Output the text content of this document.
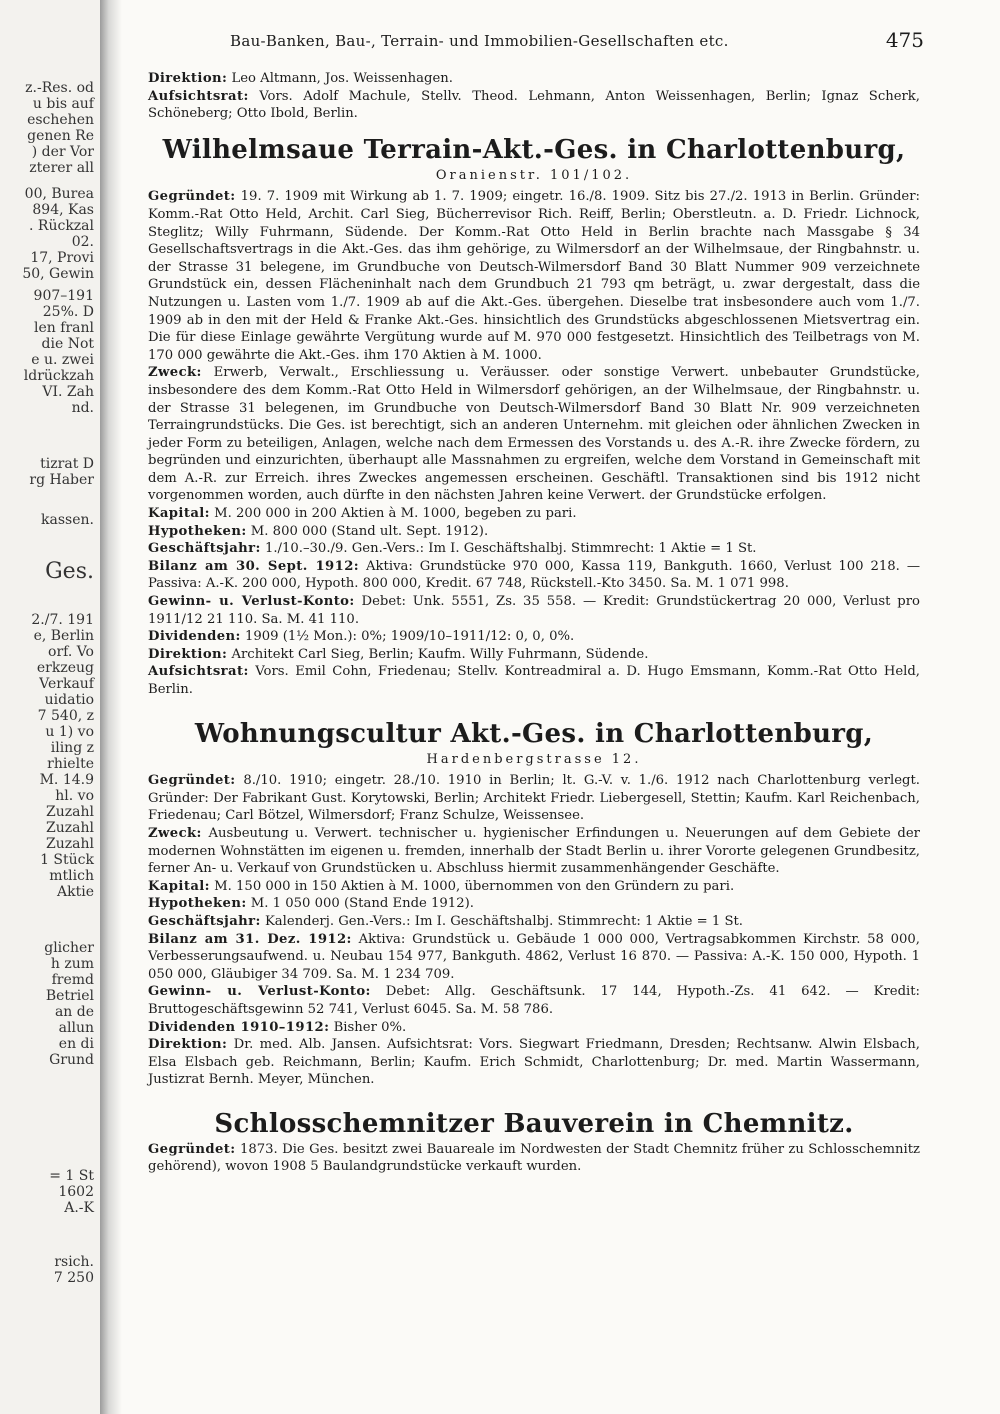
z.-Res. od
u bis auf
eschehen
genen Re
) der Vor
zterer all
00, Burea
894, Kas
. Rückzal
02.
17, Provi
50, Gewin
907–191
25%. D
len franl
die Not
e u. zwei
ldrückzah
VI. Zah
nd.
tizrat D
rg Haber
kassen.
Ges.
2./7. 191
e, Berlin
orf. Vo
erkzeug
Verkauf
uidatio
7 540, z
u 1) vo
iling z
rhielte
M. 14.9
hl. vo
Zuzahl
Zuzahl
Zuzahl
1 Stück
mtlich
Aktie
glicher
h zum
fremd
Betriel
an de
allun
en di
Grund
= 1 St
1602
A.-K
rsich.
7 250
Bau-Banken, Bau-, Terrain- und Immobilien-Gesellschaften etc.	475

Direktion: Leo Altmann, Jos. Weissenhagen.

Aufsichtsrat: Vors. Adolf Machule, Stellv. Theod. Lehmann, Anton Weissenhagen, Berlin; Ignaz Scherk, Schöneberg; Otto Ibold, Berlin.

Wilhelmsaue Terrain-Akt.-Ges. in Charlottenburg,
Oranienstr. 101/102.

Gegründet: 19. 7. 1909 mit Wirkung ab 1. 7. 1909; eingetr. 16./8. 1909. Sitz bis 27./2. 1913 in Berlin. Gründer: Komm.-Rat Otto Held, Archit. Carl Sieg, Bücherrevisor Rich. Reiff, Berlin; Oberstleutn. a. D. Friedr. Lichnock, Steglitz; Willy Fuhrmann, Südende. Der Komm.-Rat Otto Held in Berlin brachte nach Massgabe § 34 Gesellschaftsvertrags in die Akt.-Ges. das ihm gehörige, zu Wilmersdorf an der Wilhelmsaue, der Ringbahnstr. u. der Strasse 31 belegene, im Grundbuche von Deutsch-Wilmersdorf Band 30 Blatt Nummer 909 verzeichnete Grundstück ein, dessen Flächeninhalt nach dem Grundbuch 21 793 qm beträgt, u. zwar dergestalt, dass die Nutzungen u. Lasten vom 1./7. 1909 ab auf die Akt.-Ges. übergehen. Dieselbe trat insbesondere auch vom 1./7. 1909 ab in den mit der Held & Franke Akt.-Ges. hinsichtlich des Grundstücks abgeschlossenen Mietsvertrag ein. Die für diese Einlage gewährte Vergütung wurde auf M. 970 000 festgesetzt. Hinsichtlich des Teilbetrags von M. 170 000 gewährte die Akt.-Ges. ihm 170 Aktien à M. 1000.

Zweck: Erwerb, Verwalt., Erschliessung u. Veräusser. oder sonstige Verwert. unbebauter Grundstücke, insbesondere des dem Komm.-Rat Otto Held in Wilmersdorf gehörigen, an der Wilhelmsaue, der Ringbahnstr. u. der Strasse 31 belegenen, im Grundbuche von Deutsch-Wilmersdorf Band 30 Blatt Nr. 909 verzeichneten Terraingrundstücks. Die Ges. ist berechtigt, sich an anderen Unternehm. mit gleichen oder ähnlichen Zwecken in jeder Form zu beteiligen, Anlagen, welche nach dem Ermessen des Vorstands u. des A.-R. ihre Zwecke fördern, zu begründen und einzurichten, überhaupt alle Massnahmen zu ergreifen, welche dem Vorstand in Gemeinschaft mit dem A.-R. zur Erreich. ihres Zweckes angemessen erscheinen. Geschäftl. Transaktionen sind bis 1912 nicht vorgenommen worden, auch dürfte in den nächsten Jahren keine Verwert. der Grundstücke erfolgen.

Kapital: M. 200 000 in 200 Aktien à M. 1000, begeben zu pari.

Hypotheken: M. 800 000 (Stand ult. Sept. 1912).

Geschäftsjahr: 1./10.–30./9. Gen.-Vers.: Im I. Geschäftshalbj. Stimmrecht: 1 Aktie = 1 St.

Bilanz am 30. Sept. 1912: Aktiva: Grundstücke 970 000, Kassa 119, Bankguth. 1660, Verlust 100 218. — Passiva: A.-K. 200 000, Hypoth. 800 000, Kredit. 67 748, Rückstell.-Kto 3450. Sa. M. 1 071 998.

Gewinn- u. Verlust-Konto: Debet: Unk. 5551, Zs. 35 558. — Kredit: Grundstückertrag 20 000, Verlust pro 1911/12 21 110. Sa. M. 41 110.

Dividenden: 1909 (1½ Mon.): 0%; 1909/10–1911/12: 0, 0, 0%.

Direktion: Architekt Carl Sieg, Berlin; Kaufm. Willy Fuhrmann, Südende.

Aufsichtsrat: Vors. Emil Cohn, Friedenau; Stellv. Kontreadmiral a. D. Hugo Emsmann, Komm.-Rat Otto Held, Berlin.

Wohnungscultur Akt.-Ges. in Charlottenburg,
Hardenbergstrasse 12.

Gegründet: 8./10. 1910; eingetr. 28./10. 1910 in Berlin; lt. G.-V. v. 1./6. 1912 nach Charlottenburg verlegt. Gründer: Der Fabrikant Gust. Korytowski, Berlin; Architekt Friedr. Liebergesell, Stettin; Kaufm. Karl Reichenbach, Friedenau; Carl Bötzel, Wilmersdorf; Franz Schulze, Weissensee.

Zweck: Ausbeutung u. Verwert. technischer u. hygienischer Erfindungen u. Neuerungen auf dem Gebiete der modernen Wohnstätten im eigenen u. fremden, innerhalb der Stadt Berlin u. ihrer Vororte gelegenen Grundbesitz, ferner An- u. Verkauf von Grundstücken u. Abschluss hiermit zusammenhängender Geschäfte.

Kapital: M. 150 000 in 150 Aktien à M. 1000, übernommen von den Gründern zu pari.

Hypotheken: M. 1 050 000 (Stand Ende 1912).

Geschäftsjahr: Kalenderj. Gen.-Vers.: Im I. Geschäftshalbj. Stimmrecht: 1 Aktie = 1 St.

Bilanz am 31. Dez. 1912: Aktiva: Grundstück u. Gebäude 1 000 000, Vertragsabkommen Kirchstr. 58 000, Verbesserungsaufwend. u. Neubau 154 977, Bankguth. 4862, Verlust 16 870. — Passiva: A.-K. 150 000, Hypoth. 1 050 000, Gläubiger 34 709. Sa. M. 1 234 709.

Gewinn- u. Verlust-Konto: Debet: Allg. Geschäftsunk. 17 144, Hypoth.-Zs. 41 642. — Kredit: Bruttogeschäftsgewinn 52 741, Verlust 6045. Sa. M. 58 786.

Dividenden 1910–1912: Bisher 0%.

Direktion: Dr. med. Alb. Jansen. Aufsichtsrat: Vors. Siegwart Friedmann, Dresden; Rechtsanw. Alwin Elsbach, Elsa Elsbach geb. Reichmann, Berlin; Kaufm. Erich Schmidt, Charlottenburg; Dr. med. Martin Wassermann, Justizrat Bernh. Meyer, München.

Schlosschemnitzer Bauverein in Chemnitz.

Gegründet: 1873. Die Ges. besitzt zwei Bauareale im Nordwesten der Stadt Chemnitz früher zu Schlosschemnitz gehörend), wovon 1908 5 Baulandgrundstücke verkauft wurden.
